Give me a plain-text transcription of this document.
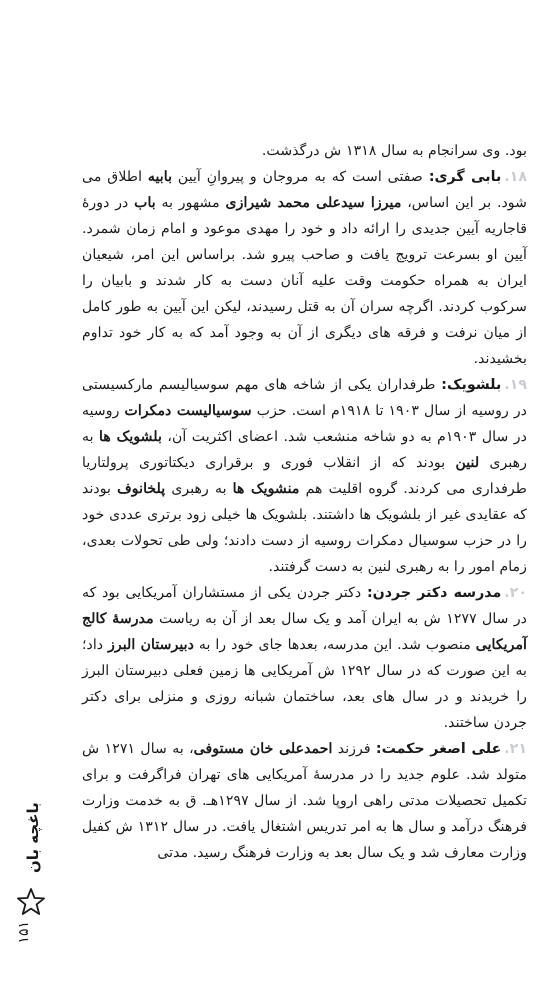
بود. وی سرانجام به سال ۱۳۱۸ ش درگذشت.

۱۸.بابی گری: صفتی است که به مروجان و پیروانِ آیین بابیه اطلاق می شود. بر این اساس، میرزا سیدعلی محمد شیرازی مشهور به باب در دورهٔ قاجاریه آیین جدیدی را ارائه داد و خود را مهدی موعود و امام زمان شمرد. آیین او بسرعت ترویج یافت و صاحب پیرو شد. براساس این امر، شیعیان ایران به همراه حکومت وقت علیه آنان دست به کار شدند و بابیان را سرکوب کردند. اگرچه سران آن به قتل رسیدند، لیکن این آیین به طور کامل از میان نرفت و فرقه های دیگری از آن به وجود آمد که به کار خود تداوم بخشیدند.

۱۹.بلشویک: طرفداران یکی از شاخه های مهم سوسیالیسم مارکسیستی در روسیه از سال ۱۹۰۳ تا ۱۹۱۸م است. حزب سوسیالیست دمکرات روسیه در سال ۱۹۰۳م به دو شاخه منشعب شد. اعضای اکثریت آن، بلشویک ها به رهبری لنین بودند که از انقلاب فوری و برقراری دیکتاتوری پرولتاریا طرفداری می کردند. گروه اقلیت هم منشویک ها به رهبری پلخانوف بودند که عقایدی غیر از بلشویک ها داشتند. بلشویک ها خیلی زود برتری عددی خود را در حزب سوسیال دمکرات روسیه از دست دادند؛ ولی طی تحولات بعدی، زمام امور را به رهبری لنین به دست گرفتند.

۲۰.مدرسه دکتر جردن: دکتر جردن یکی از مستشاران آمریکایی بود که در سال ۱۲۷۷ ش به ایران آمد و یک سال بعد از آن به ریاست مدرسهٔ کالج آمریکایی منصوب شد. این مدرسه، بعدها جای خود را به دبیرستان البرز داد؛ به این صورت که در سال ۱۲۹۲ ش آمریکایی ها زمین فعلی دبیرستان البرز را خریدند و در سال های بعد، ساختمان شبانه روزی و منزلی برای دکتر جردن ساختند.

۲۱.علی اصغر حکمت: فرزند احمدعلی خان مستوفی، به سال ۱۲۷۱ ش متولد شد. علوم جدید را در مدرسهٔ آمریکایی های تهران فراگرفت و برای تکمیل تحصیلات مدتی راهی اروپا شد. از سال ۱۲۹۷هـ. ق به خدمت وزارت فرهنگ درآمد و سال ها به امر تدریس اشتغال یافت. در سال ۱۳۱۲ ش کفیل وزارت معارف شد و یک سال بعد به وزارت فرهنگ رسید. مدتی

باغچه بان
۱۵۱
